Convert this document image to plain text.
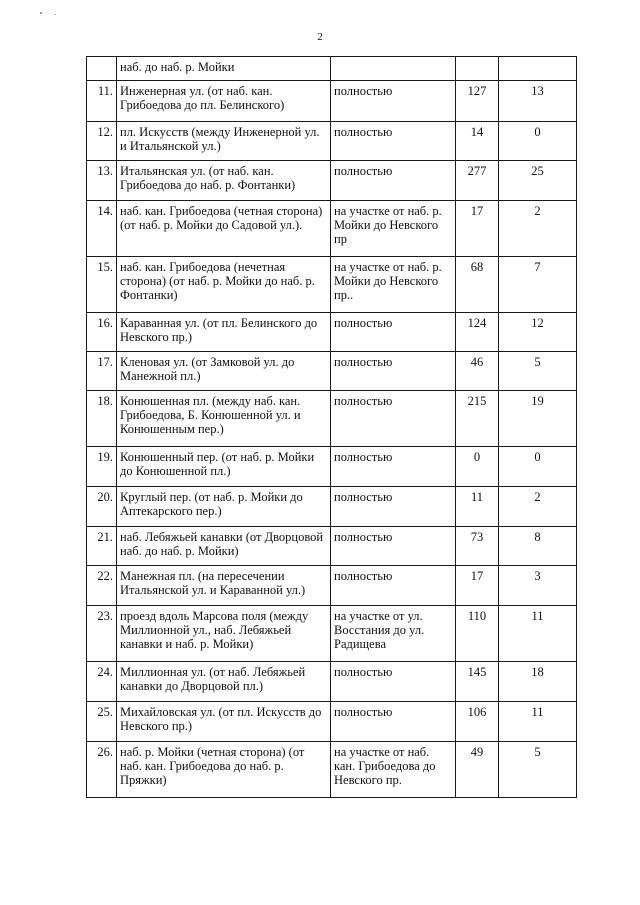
2
	наб. до наб. р. Мойки			
11.	Инженерная ул. (от наб. кан. Грибоедова до пл. Белинского)	полностью	127	13
12.	пл. Искусств (между Инженерной ул. и Итальянской ул.)	полностью	14	0
13.	Итальянская ул. (от наб. кан. Грибоедова до наб. р. Фонтанки)	полностью	277	25
14.	наб. кан. Грибоедова (четная сторона) (от наб. р. Мойки до Садовой ул.).	на участке от наб. р. Мойки до Невского пр	17	2
15.	наб. кан. Грибоедова (нечетная сторона) (от наб. р. Мойки до наб. р. Фонтанки)	на участке от наб. р. Мойки до Невского пр..	68	7
16.	Караванная ул. (от пл. Белинского до Невского пр.)	полностью	124	12
17.	Кленовая ул. (от Замковой ул. до Манежной пл.)	полностью	46	5
18.	Конюшенная пл. (между наб. кан. Грибоедова, Б. Конюшенной ул. и Конюшенным пер.)	полностью	215	19
19.	Конюшенный пер. (от наб. р. Мойки до Конюшенной пл.)	полностью	0	0
20.	Круглый пер. (от наб. р. Мойки до Аптекарского пер.)	полностью	11	2
21.	наб. Лебяжьей канавки (от Дворцовой наб. до наб. р. Мойки)	полностью	73	8
22.	Манежная пл. (на пересечении Итальянской ул. и Караванной ул.)	полностью	17	3
23.	проезд вдоль Марсова поля (между Миллионной ул., наб. Лебяжьей канавки и наб. р. Мойки)	на участке от ул. Восстания до ул. Радищева	110	11
24.	Миллионная ул. (от наб. Лебяжьей канавки до Дворцовой пл.)	полностью	145	18
25.	Михайловская ул. (от пл. Искусств до Невского пр.)	полностью	106	11
26.	наб. р. Мойки (четная сторона) (от наб. кан. Грибоедова до наб. р. Пряжки)	на участке от наб. кан. Грибоедова до Невского пр.	49	5
